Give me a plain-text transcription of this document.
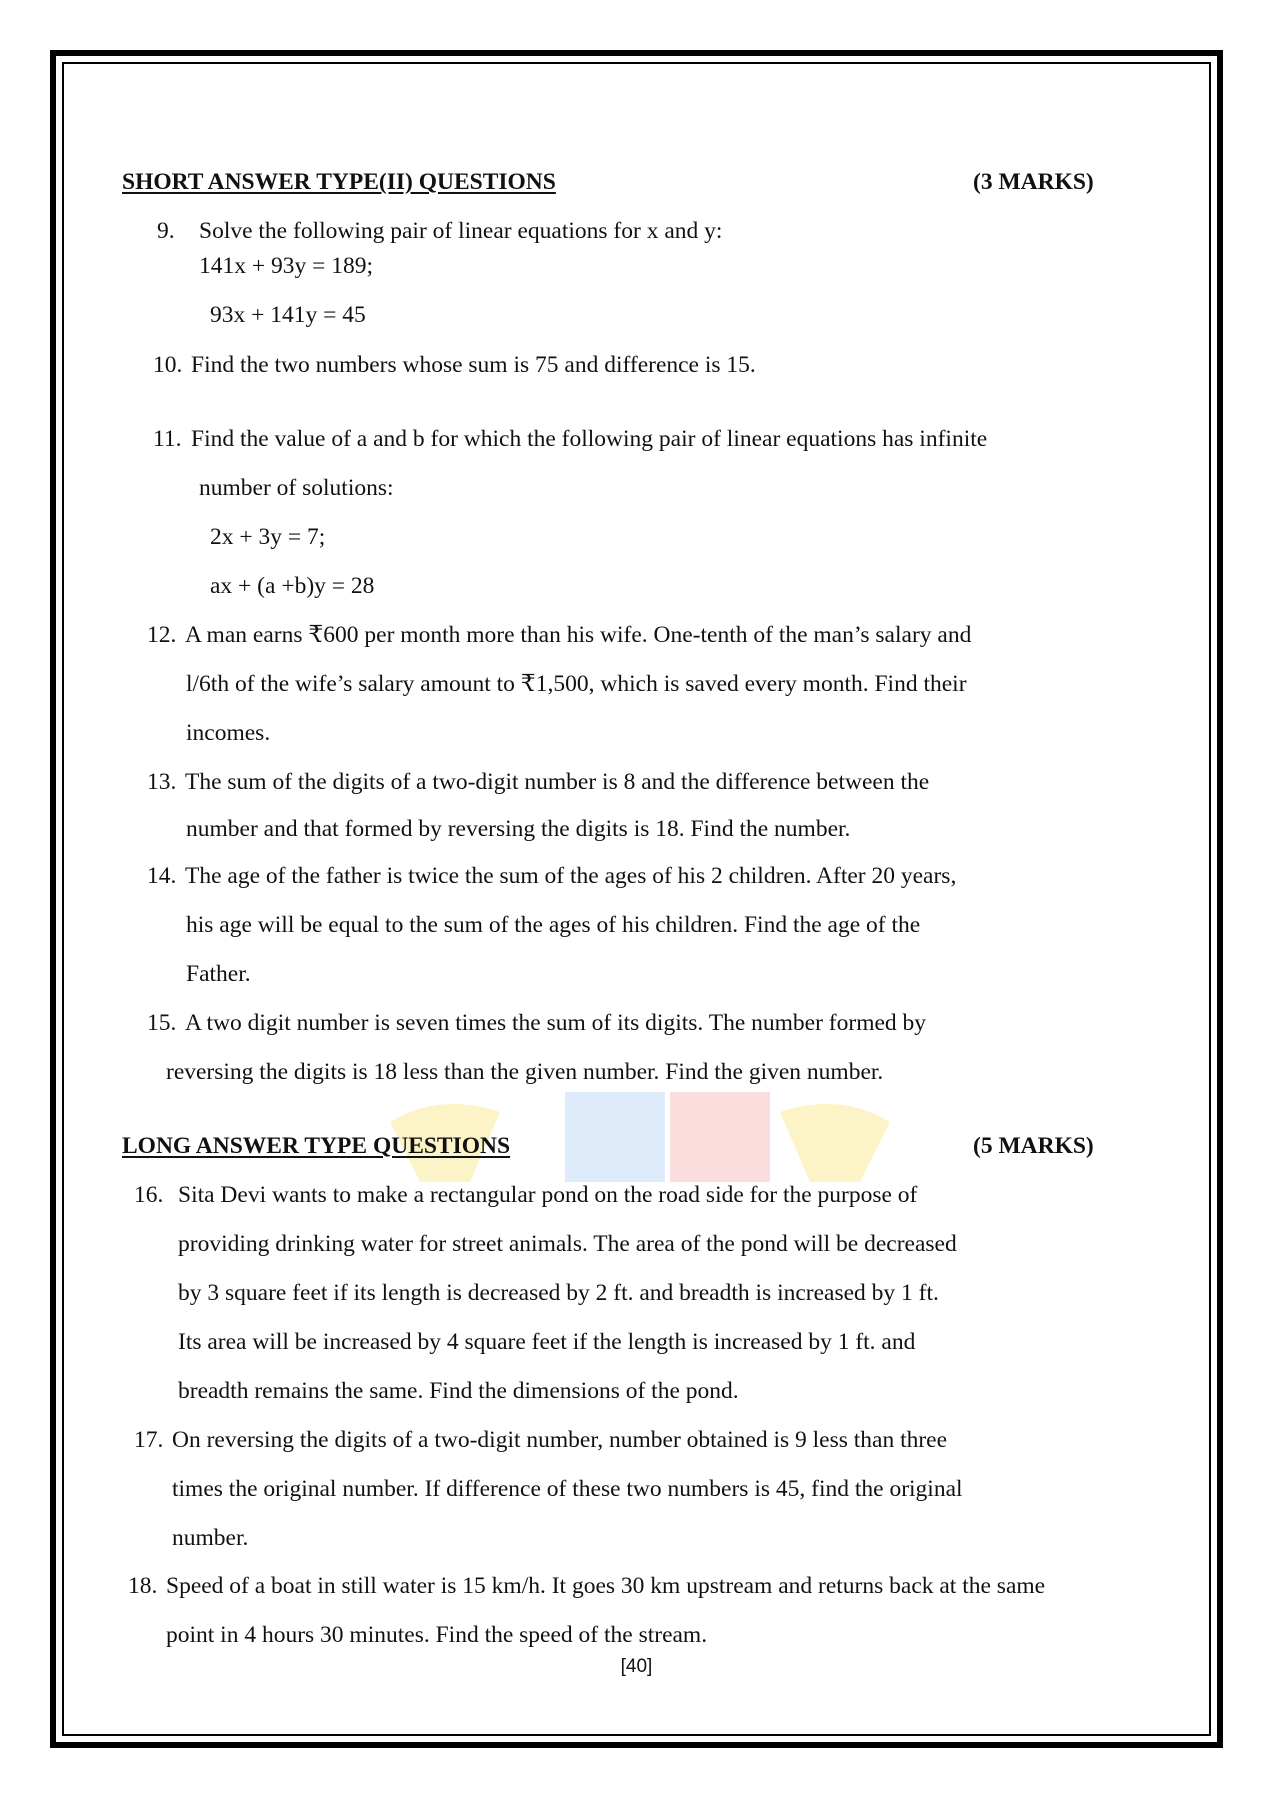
SHORT ANSWER TYPE(II) QUESTIONS	(3 MARKS)
9. Solve the following pair of linear equations for x and y:
141x + 93y = 189;
93x + 141y = 45
10. Find the two numbers whose sum is 75 and difference is 15.
11. Find the value of a and b for which the following pair of linear equations has infinite
number of solutions:
2x + 3y = 7;
ax + (a +b)y = 28
12. A man earns ₹600 per month more than his wife. One-tenth of the man’s salary and
l/6th of the wife’s salary amount to ₹1,500, which is saved every month. Find their
incomes.
13. The sum of the digits of a two-digit number is 8 and the difference between the
number and that formed by reversing the digits is 18. Find the number.
14. The age of the father is twice the sum of the ages of his 2 children. After 20 years,
his age will be equal to the sum of the ages of his children. Find the age of the
Father.
15. A two digit number is seven times the sum of its digits. The number formed by
reversing the digits is 18 less than the given number. Find the given number.
LONG ANSWER TYPE QUESTIONS	(5 MARKS)
16. Sita Devi wants to make a rectangular pond on the road side for the purpose of
providing drinking water for street animals. The area of the pond will be decreased
by 3 square feet if its length is decreased by 2 ft. and breadth is increased by 1 ft.
Its area will be increased by 4 square feet if the length is increased by 1 ft. and
breadth remains the same. Find the dimensions of the pond.
17. On reversing the digits of a two-digit number, number obtained is 9 less than three
times the original number. If difference of these two numbers is 45, find the original
number.
18. Speed of a boat in still water is 15 km/h. It goes 30 km upstream and returns back at the same
point in 4 hours 30 minutes. Find the speed of the stream.
[40]
